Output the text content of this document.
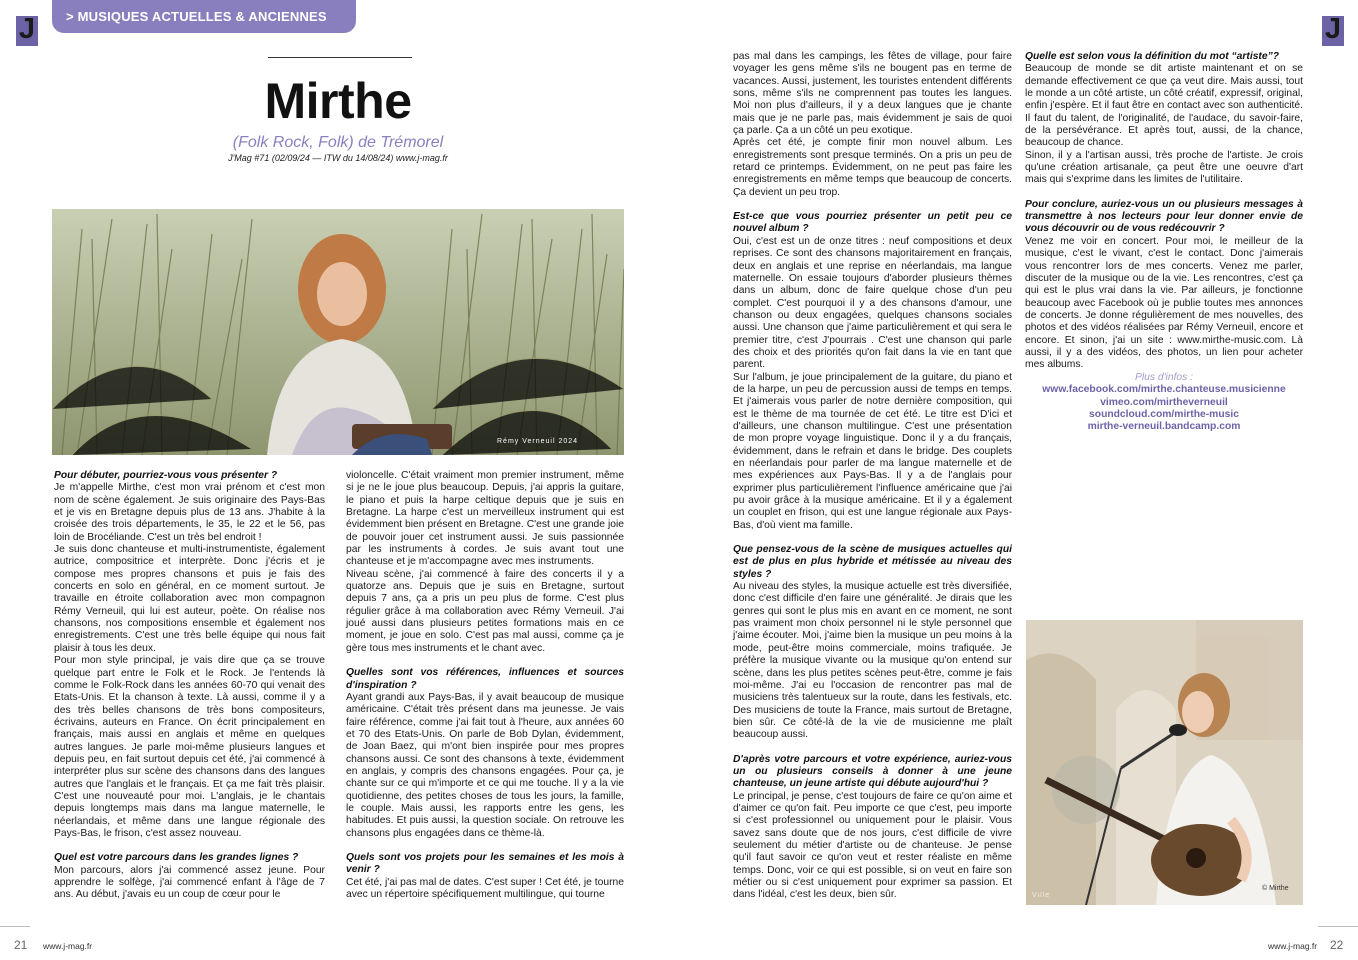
J	J
> MUSIQUES ACTUELLES & ANCIENNES
Mirthe
(Folk Rock, Folk) de Trémorel
J'Mag #71 (02/09/24 — ITW du 14/08/24) www.j-mag.fr
Rémy Verneuil 2024

Pour débuter, pourriez-vous vous présenter ?

Je m'appelle Mirthe, c'est mon vrai prénom et c'est mon nom de scène également. Je suis originaire des Pays-Bas et je vis en Bretagne depuis plus de 13 ans. J'habite à la croisée des trois départements, le 35, le 22 et le 56, pas loin de Brocéliande. C'est un très bel endroit !

Je suis donc chanteuse et multi-instrumentiste, également autrice, compositrice et interprète. Donc j'écris et je compose mes propres chansons et puis je fais des concerts en solo en général, en ce moment surtout. Je travaille en étroite collaboration avec mon compagnon Rémy Verneuil, qui lui est auteur, poète. On réalise nos chansons, nos compositions ensemble et également nos enregistrements. C'est une très belle équipe qui nous fait plaisir à tous les deux.

Pour mon style principal, je vais dire que ça se trouve quelque part entre le Folk et le Rock. Je l'entends là comme le Folk-Rock dans les années 60-70 qui venait des Etats-Unis. Et la chanson à texte. Là aussi, comme il y a des très belles chansons de très bons compositeurs, écrivains, auteurs en France. On écrit principalement en français, mais aussi en anglais et même en quelques autres langues. Je parle moi-même plusieurs langues et depuis peu, en fait surtout depuis cet été, j'ai commencé à interpréter plus sur scène des chansons dans des langues autres que l'anglais et le français. Et ça me fait très plaisir. C'est une nouveauté pour moi. L'anglais, je le chantais depuis longtemps mais dans ma langue maternelle, le néerlandais, et même dans une langue régionale des Pays-Bas, le frison, c'est assez nouveau.

Quel est votre parcours dans les grandes lignes ?

Mon parcours, alors j'ai commencé assez jeune. Pour apprendre le solfège, j'ai commencé enfant à l'âge de 7 ans. Au début, j'avais eu un coup de cœur pour le

violoncelle. C'était vraiment mon premier instrument, même si je ne le joue plus beaucoup. Depuis, j'ai appris la guitare, le piano et puis la harpe celtique depuis que je suis en Bretagne. La harpe c'est un merveilleux instrument qui est évidemment bien présent en Bretagne. C'est une grande joie de pouvoir jouer cet instrument aussi. Je suis passionnée par les instruments à cordes. Je suis avant tout une chanteuse et je m'accompagne avec mes instruments.

Niveau scène, j'ai commencé à faire des concerts il y a quatorze ans. Depuis que je suis en Bretagne, surtout depuis 7 ans, ça a pris un peu plus de forme. C'est plus régulier grâce à ma collaboration avec Rémy Verneuil. J'ai joué aussi dans plusieurs petites formations mais en ce moment, je joue en solo. C'est pas mal aussi, comme ça je gère tous mes instruments et le chant avec.

Quelles sont vos références, influences et sources d'inspiration ?

Ayant grandi aux Pays-Bas, il y avait beaucoup de musique américaine. C'était très présent dans ma jeunesse. Je vais faire référence, comme j'ai fait tout à l'heure, aux années 60 et 70 des Etats-Unis. On parle de Bob Dylan, évidemment, de Joan Baez, qui m'ont bien inspirée pour mes propres chansons aussi. Ce sont des chansons à texte, évidemment en anglais, y compris des chansons engagées. Pour ça, je chante sur ce qui m'importe et ce qui me touche. Il y a la vie quotidienne, des petites choses de tous les jours, la famille, le couple. Mais aussi, les rapports entre les gens, les habitudes. Et puis aussi, la question sociale. On retrouve les chansons plus engagées dans ce thème-là.

Quels sont vos projets pour les semaines et les mois à venir ?

Cet été, j'ai pas mal de dates. C'est super ! Cet été, je tourne avec un répertoire spécifiquement multilingue, qui tourne

pas mal dans les campings, les fêtes de village, pour faire voyager les gens même s'ils ne bougent pas en terme de vacances. Aussi, justement, les touristes entendent différents sons, même s'ils ne comprennent pas toutes les langues. Moi non plus d'ailleurs, il y a deux langues que je chante mais que je ne parle pas, mais évidemment je sais de quoi ça parle. Ça a un côté un peu exotique.

Après cet été, je compte finir mon nouvel album. Les enregistrements sont presque terminés. On a pris un peu de retard ce printemps. Évidemment, on ne peut pas faire les enregistrements en même temps que beaucoup de concerts. Ça devient un peu trop.

Est-ce que vous pourriez présenter un petit peu ce nouvel album ?

Oui, c'est est un de onze titres : neuf compositions et deux reprises. Ce sont des chansons majoritairement en français, deux en anglais et une reprise en néerlandais, ma langue maternelle. On essaie toujours d'aborder plusieurs thèmes dans un album, donc de faire quelque chose d'un peu complet. C'est pourquoi il y a des chansons d'amour, une chanson ou deux engagées, quelques chansons sociales aussi. Une chanson que j'aime particulièrement et qui sera le premier titre, c'est J'pourrais . C'est une chanson qui parle des choix et des priorités qu'on fait dans la vie en tant que parent.

Sur l'album, je joue principalement de la guitare, du piano et de la harpe, un peu de percussion aussi de temps en temps. Et j'aimerais vous parler de notre dernière composition, qui est le thème de ma tournée de cet été. Le titre est D'ici et d'ailleurs, une chanson multilingue. C'est une présentation de mon propre voyage linguistique. Donc il y a du français, évidemment, dans le refrain et dans le bridge. Des couplets en néerlandais pour parler de ma langue maternelle et de mes expériences aux Pays-Bas. Il y a de l'anglais pour exprimer plus particulièrement l'influence américaine que j'ai pu avoir grâce à la musique américaine. Et il y a également un couplet en frison, qui est une langue régionale aux Pays-Bas, d'où vient ma famille.

Que pensez-vous de la scène de musiques actuelles qui est de plus en plus hybride et métissée au niveau des styles ?

Au niveau des styles, la musique actuelle est très diversifiée, donc c'est difficile d'en faire une généralité. Je dirais que les genres qui sont le plus mis en avant en ce moment, ne sont pas vraiment mon choix personnel ni le style personnel que j'aime écouter. Moi, j'aime bien la musique un peu moins à la mode, peut-être moins commerciale, moins trafiquée. Je préfère la musique vivante ou la musique qu'on entend sur scène, dans les plus petites scènes peut-être, comme je fais moi-même. J'ai eu l'occasion de rencontrer pas mal de musiciens très talentueux sur la route, dans les festivals, etc. Des musiciens de toute la France, mais surtout de Bretagne, bien sûr. Ce côté-là de la vie de musicienne me plaît beaucoup aussi.

D'après votre parcours et votre expérience, auriez-vous un ou plusieurs conseils à donner à une jeune chanteuse, un jeune artiste qui débute aujourd'hui ?

Le principal, je pense, c'est toujours de faire ce qu'on aime et d'aimer ce qu'on fait. Peu importe ce que c'est, peu importe si c'est professionnel ou uniquement pour le plaisir. Vous savez sans doute que de nos jours, c'est difficile de vivre seulement du métier d'artiste ou de chanteuse. Je pense qu'il faut savoir ce qu'on veut et rester réaliste en même temps. Donc, voir ce qui est possible, si on veut en faire son métier ou si c'est uniquement pour exprimer sa passion. Et dans l'idéal, c'est les deux, bien sûr.

Quelle est selon vous la définition du mot “artiste”?

Beaucoup de monde se dit artiste maintenant et on se demande effectivement ce que ça veut dire. Mais aussi, tout le monde a un côté artiste, un côté créatif, expressif, original, enfin j'espère. Et il faut être en contact avec son authenticité. Il faut du talent, de l'originalité, de l'audace, du savoir-faire, de la persévérance. Et après tout, aussi, de la chance, beaucoup de chance.

Sinon, il y a l'artisan aussi, très proche de l'artiste. Je crois qu'une création artisanale, ça peut être une oeuvre d'art mais qui s'exprime dans les limites de l'utilitaire.

Pour conclure, auriez-vous un ou plusieurs messages à transmettre à nos lecteurs pour leur donner envie de vous découvrir ou de vous redécouvrir ?

Venez me voir en concert. Pour moi, le meilleur de la musique, c'est le vivant, c'est le contact. Donc j'aimerais vous rencontrer lors de mes concerts. Venez me parler, discuter de la musique ou de la vie. Les rencontres, c'est ça qui est le plus vrai dans la vie. Par ailleurs, je fonctionne beaucoup avec Facebook où je publie toutes mes annonces de concerts. Je donne régulièrement de mes nouvelles, des photos et des vidéos réalisées par Rémy Verneuil, encore et encore. Et sinon, j'ai un site : www.mirthe-music.com. Là aussi, il y a des vidéos, des photos, un lien pour acheter mes albums.

Plus d'infos :
www.facebook.com/mirthe.chanteuse.musicienne
vimeo.com/mirtheverneuil
soundcloud.com/mirthe-music
mirthe-verneuil.bandcamp.com
© Mirthe
Ville
21 www.j-mag.fr	www.j-mag.fr 22
